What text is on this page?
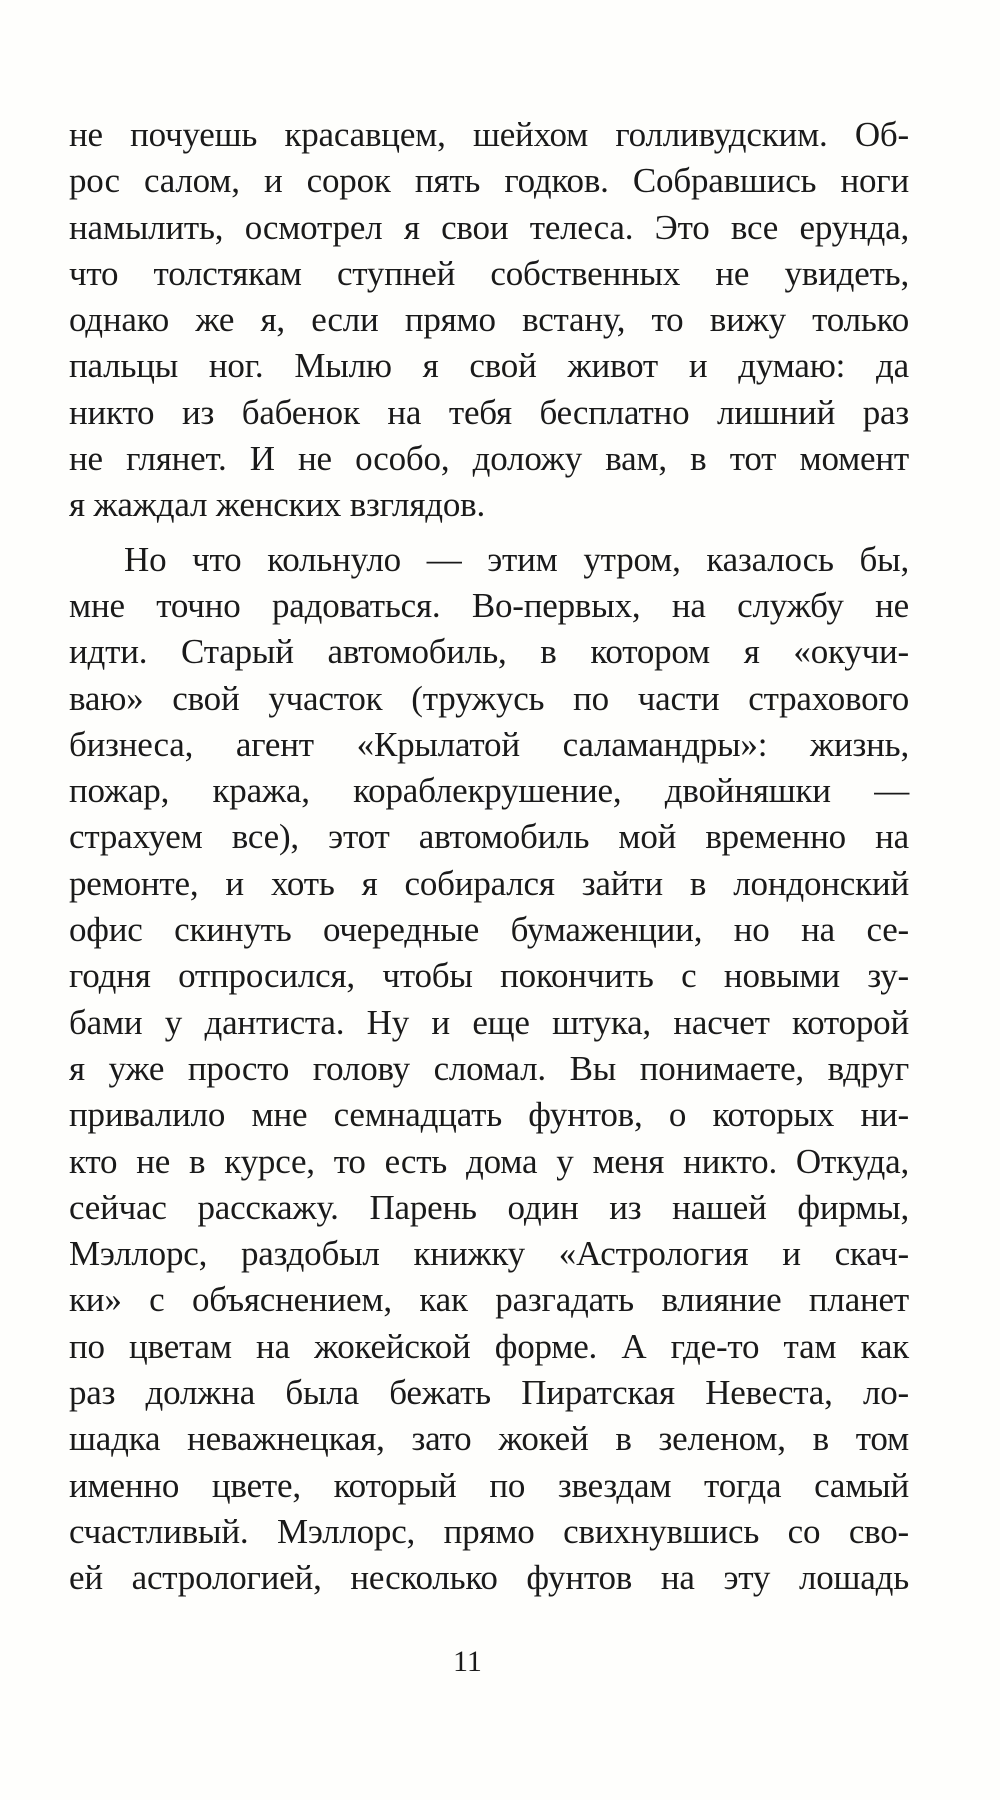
не почуешь красавцем, шейхом голливудским. Об-
рос салом, и сорок пять годков. Собравшись ноги
намылить, осмотрел я свои телеса. Это все ерунда,
что толстякам ступней собственных не увидеть,
однако же я, если прямо встану, то вижу только
пальцы ног. Мылю я свой живот и думаю: да
никто из бабенок на тебя бесплатно лишний раз
не глянет. И не особо, доложу вам, в тот момент
я жаждал женских взглядов.
Но что кольнуло — этим утром, казалось бы,
мне точно радоваться. Во-первых, на службу не
идти. Старый автомобиль, в котором я «окучи-
ваю» свой участок (тружусь по части страхового
бизнеса, агент «Крылатой саламандры»: жизнь,
пожар, кража, кораблекрушение, двойняшки —
страхуем все), этот автомобиль мой временно на
ремонте, и хоть я собирался зайти в лондонский
офис скинуть очередные бумаженции, но на се-
годня отпросился, чтобы покончить с новыми зу-
бами у дантиста. Ну и еще штука, насчет которой
я уже просто голову сломал. Вы понимаете, вдруг
привалило мне семнадцать фунтов, о которых ни-
кто не в курсе, то есть дома у меня никто. Откуда,
сейчас расскажу. Парень один из нашей фирмы,
Мэллорс, раздобыл книжку «Астрология и скач-
ки» с объяснением, как разгадать влияние планет
по цветам на жокейской форме. А где-то там как
раз должна была бежать Пиратская Невеста, ло-
шадка неважнецкая, зато жокей в зеленом, в том
именно цвете, который по звездам тогда самый
счастливый. Мэллорс, прямо свихнувшись со сво-
ей астрологией, несколько фунтов на эту лошадь
11
